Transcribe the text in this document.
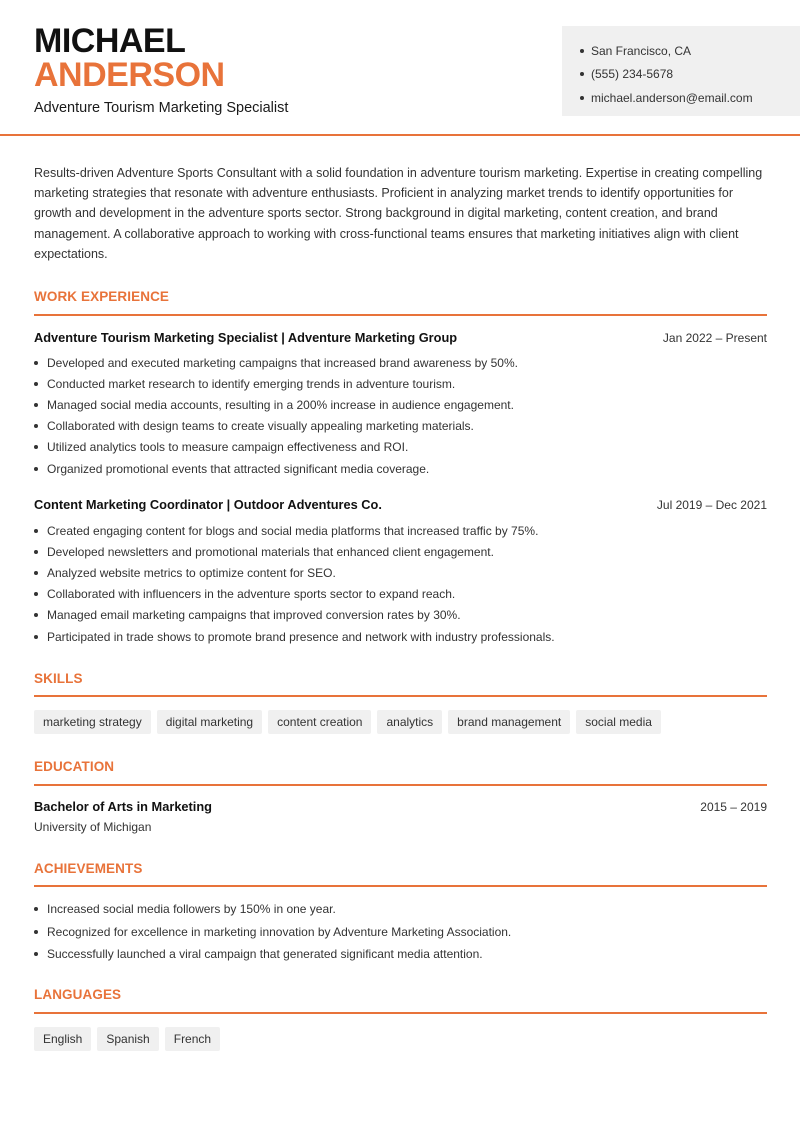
MICHAEL
ANDERSON
Adventure Tourism Marketing Specialist
San Francisco, CA
(555) 234-5678
michael.anderson@email.com

Results-driven Adventure Sports Consultant with a solid foundation in adventure tourism marketing. Expertise in creating compelling marketing strategies that resonate with adventure enthusiasts. Proficient in analyzing market trends to identify opportunities for growth and development in the adventure sports sector. Strong background in digital marketing, content creation, and brand management. A collaborative approach to working with cross-functional teams ensures that marketing initiatives align with client expectations.

WORK EXPERIENCE
Adventure Tourism Marketing Specialist | Adventure Marketing Group	Jan 2022 – Present
Developed and executed marketing campaigns that increased brand awareness by 50%.
Conducted market research to identify emerging trends in adventure tourism.
Managed social media accounts, resulting in a 200% increase in audience engagement.
Collaborated with design teams to create visually appealing marketing materials.
Utilized analytics tools to measure campaign effectiveness and ROI.
Organized promotional events that attracted significant media coverage.
Content Marketing Coordinator | Outdoor Adventures Co.	Jul 2019 – Dec 2021
Created engaging content for blogs and social media platforms that increased traffic by 75%.
Developed newsletters and promotional materials that enhanced client engagement.
Analyzed website metrics to optimize content for SEO.
Collaborated with influencers in the adventure sports sector to expand reach.
Managed email marketing campaigns that improved conversion rates by 30%.
Participated in trade shows to promote brand presence and network with industry professionals.
SKILLS
marketing strategy	digital marketing	content creation	analytics	brand management	social media
EDUCATION
Bachelor of Arts in Marketing	2015 – 2019
University of Michigan
ACHIEVEMENTS
Increased social media followers by 150% in one year.
Recognized for excellence in marketing innovation by Adventure Marketing Association.
Successfully launched a viral campaign that generated significant media attention.
LANGUAGES
English	Spanish	French
